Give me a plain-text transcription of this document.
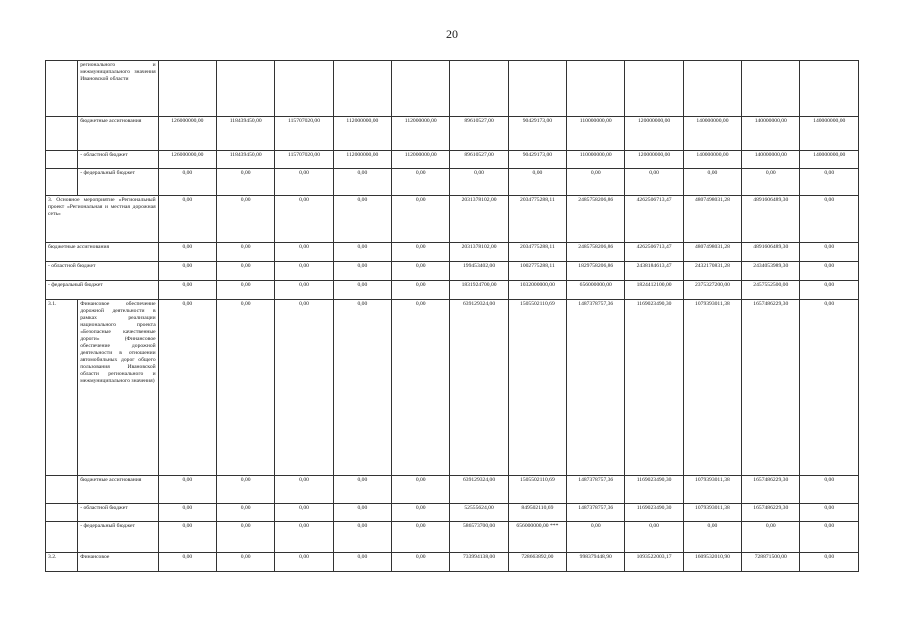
20
	регионального и межмуниципального значения Ивановской области												
	бюджетные ассигнования	126000000,00	118439450,00	115707020,00	112000000,00	112000000,00	89610527,00	90429173,00	110000000,00	120000000,00	140000000,00	140000000,00	140000000,00
	- областной бюджет	126000000,00	118439450,00	115707020,00	112000000,00	112000000,00	89610527,00	90429173,00	110000000,00	120000000,00	140000000,00	140000000,00	140000000,00
	- федеральный бюджет	0,00	0,00	0,00	0,00	0,00	0,00	0,00	0,00	0,00	0,00	0,00	0,00
3. Основное мероприятие «Региональный проект «Региональная и местная дорожная сеть»		0,00	0,00	0,00	0,00	0,00	2031378102,00	2034775288,11	2485758206,86	4262506713,47	4807498031,28	4891606489,30	0,00
бюджетные ассигнования		0,00	0,00	0,00	0,00	0,00	2031378102,00	2034775288,11	2485758206,86	4262506713,47	4807498031,28	4891606489,30	0,00
- областной бюджет		0,00	0,00	0,00	0,00	0,00	199453402,00	1002775288,11	1829758206,86	2438184613,47	2432170831,28	2434053989,30	0,00
- федеральный бюджет		0,00	0,00	0,00	0,00	0,00	1831924700,00	1032000000,00	656000000,00	1824412100,00	2375327200,00	2457552500,00	0,00
3.1.	Финансовое обеспечение дорожной деятельности в рамках реализации национального проекта «Безопасные качественные дороги» (Финансовое обеспечение дорожной деятельности в отношении автомобильных дорог общего пользования Ивановской области регионального и межмуниципального значения)	0,00	0,00	0,00	0,00	0,00	639129324,00	1505502110,69	1487378757,36	1169023490,30	1079393011,38	1657486229,30	0,00
	бюджетные ассигнования	0,00	0,00	0,00	0,00	0,00	639129324,00	1505502110,69	1487378757,36	1169023490,30	1079393011,38	1657486229,30	0,00
	- областной бюджет	0,00	0,00	0,00	0,00	0,00	52555624,00	849502110,69	1487378757,36	1169023490,30	1079393011,38	1657486229,30	0,00
	- федеральный бюджет	0,00	0,00	0,00	0,00	0,00	586573700,00	656000000,00 ***	0,00	0,00	0,00	0,00	0,00
3.2.	Финансовое	0,00	0,00	0,00	0,00	0,00	733994138,00	728663892,00	998379448,90	1093522003,17	1609532010,90	728871500,00	0,00
